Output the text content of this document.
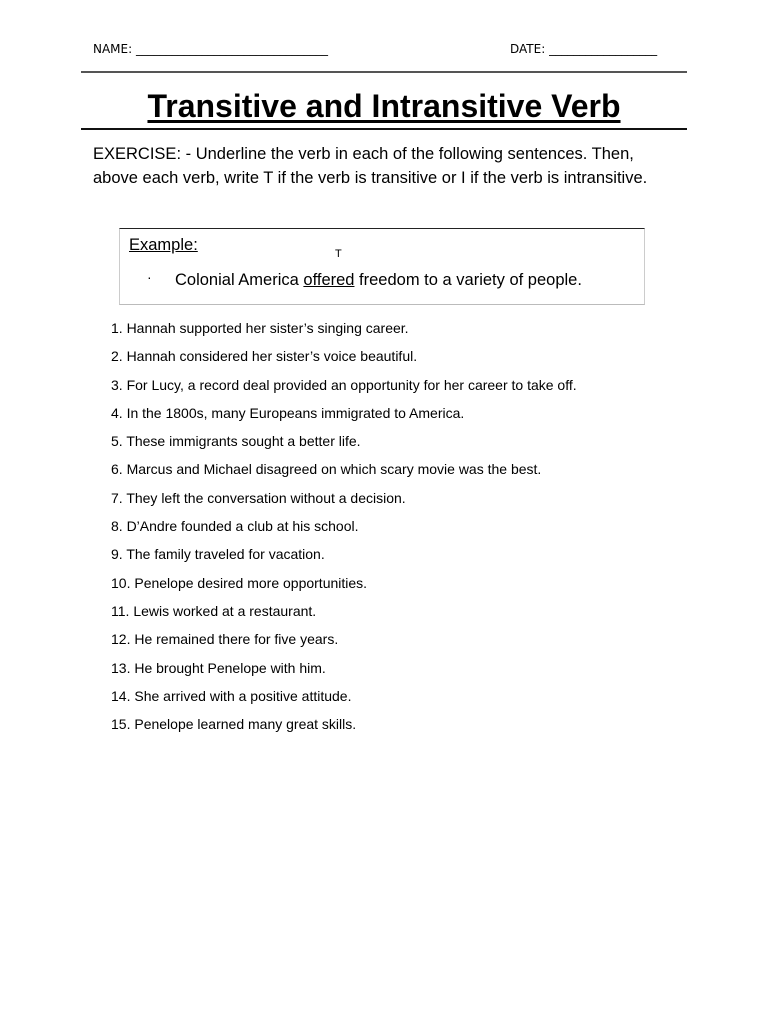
NAME: ________________________________	DATE: __________________
Transitive and Intransitive Verb

EXERCISE: - Underline the verb in each of the following sentences. Then, above each verb, write T if the verb is transitive or I if the verb is intransitive.

Example:	T
· Colonial America offered freedom to a variety of people.
1. Hannah supported her sister’s singing career.
2. Hannah considered her sister’s voice beautiful.
3. For Lucy, a record deal provided an opportunity for her career to take off.
4. In the 1800s, many Europeans immigrated to America.
5. These immigrants sought a better life.
6. Marcus and Michael disagreed on which scary movie was the best.
7. They left the conversation without a decision.
8. D’Andre founded a club at his school.
9. The family traveled for vacation.
10. Penelope desired more opportunities.
11. Lewis worked at a restaurant.
12. He remained there for five years.
13. He brought Penelope with him.
14. She arrived with a positive attitude.
15. Penelope learned many great skills.
